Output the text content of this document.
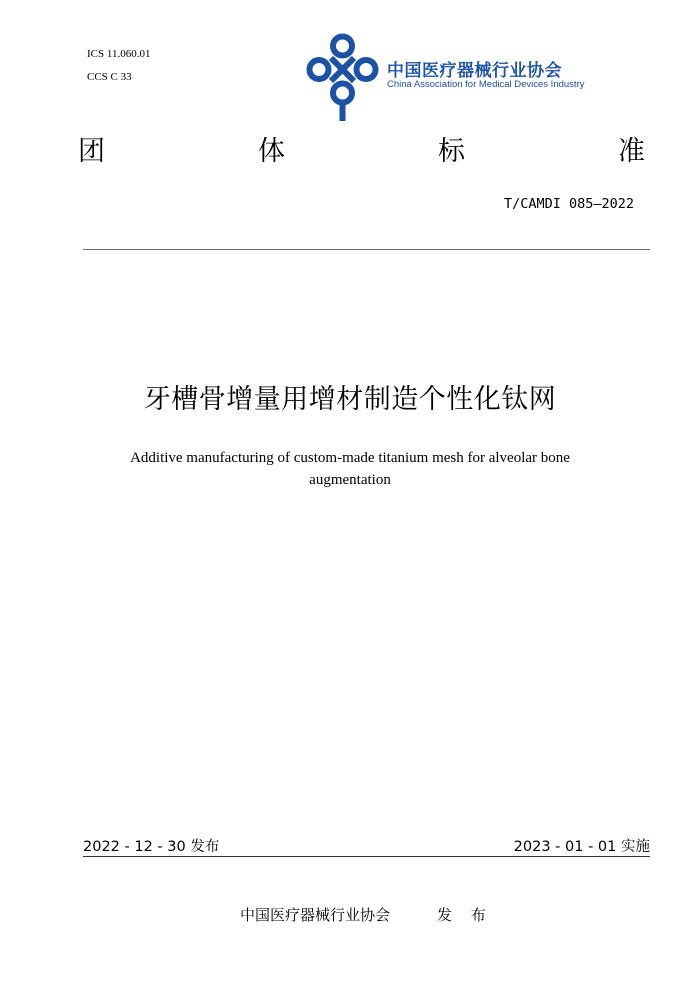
ICS 11.060.01
CCS C 33	中国医疗器械行业协会
China Association for Medical Devices Industry
团	体	标	准
T/CAMDI 085—2022
牙槽骨增量用增材制造个性化钛网
Additive manufacturing of custom-made titanium mesh for alveolar bone augmentation
2022 - 12 - 30 发布	2023 - 01 - 01 实施
中国医疗器械行业协会	发 布
